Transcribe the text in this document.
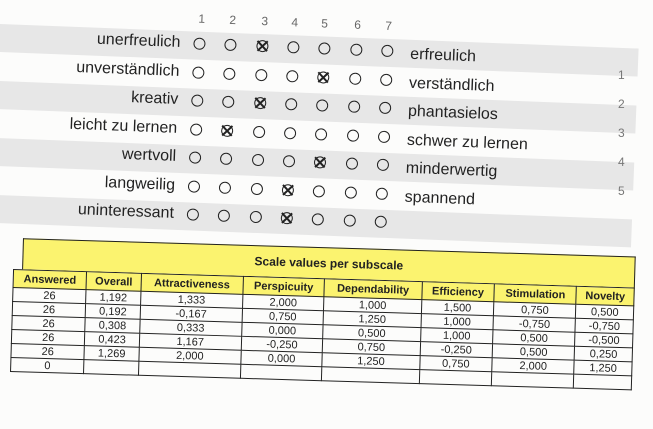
1 2 3 4 5 6 7
unerfreulich
erfreulich
unverständlich
verständlich
kreativ
phantasielos
leicht zu lernen
schwer zu lernen
wertvoll
minderwertig
langweilig
spannend
uninteressant
1
2
3
4
5
Scale values per subscale
Answered	Overall	Attractiveness	Perspicuity	Dependability	Efficiency	Stimulation	Novelty
26	1,192	1,333	2,000	1,000	1,500	0,750	0,500
26	0,192	-0,167	0,750	1,250	1,000	-0,750	-0,750
26	0,308	0,333	0,000	0,500	1,000	0,500	-0,500
26	0,423	1,167	-0,250	0,750	-0,250	0,500	0,250
26	1,269	2,000	0,000	1,250	0,750	2,000	1,250
0							
